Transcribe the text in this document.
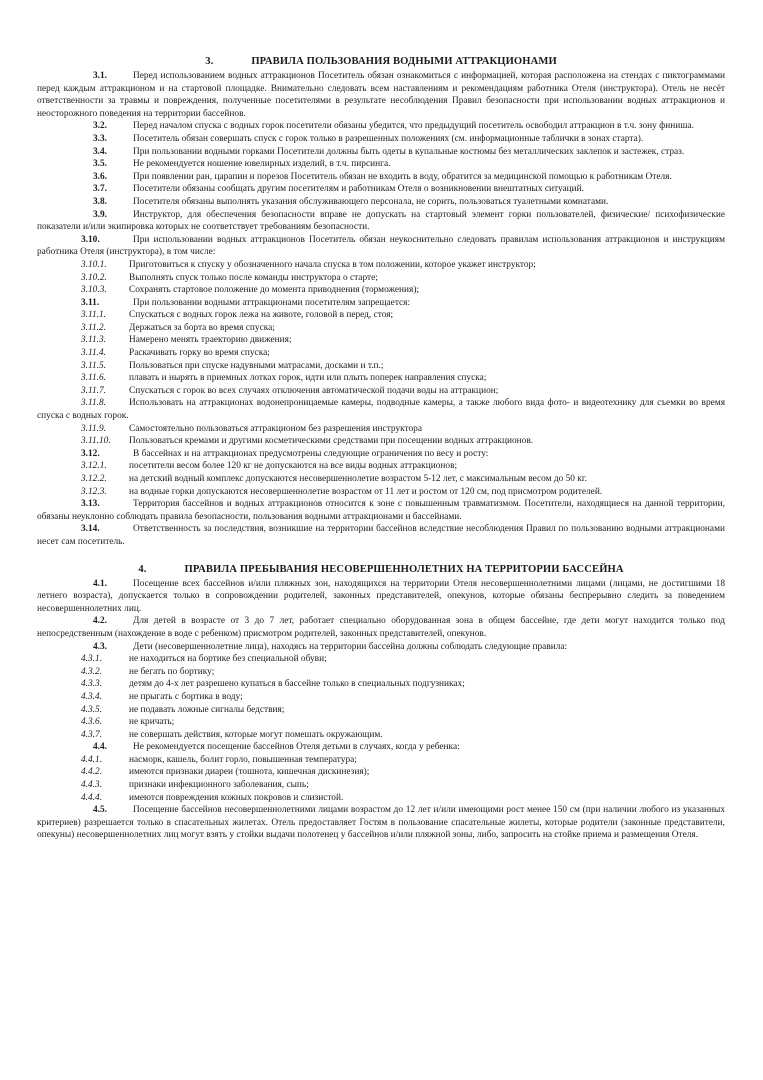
3.	ПРАВИЛА ПОЛЬЗОВАНИЯ ВОДНЫМИ АТТРАКЦИОНАМИ

3.1.	Перед использованием водных аттракционов Посетитель обязан ознакомиться с информацией, которая расположена на стендах с пиктограммами перед каждым аттракционом и на стартовой площадке. Внимательно следовать всем наставлениям и рекомендациям работника Отеля (инструктора). Отель не несёт ответственности за травмы и повреждения, полученные посетителями в результате несоблюдения Правил безопасности при использовании водных аттракционов и неосторожного поведения на территории бассейнов.

3.2.	Перед началом спуска с водных горок посетители обязаны убедится, что предыдущий посетитель освободил аттракцион в т.ч. зону финиша.

3.3.	Посетитель обязан совершать спуск с горок только в разрешенных положениях (см. информационные таблички в зонах старта).

3.4.	При пользовании водными горками Посетители должны быть одеты в купальные костюмы без металлических заклепок и застежек, страз.

3.5.	Не рекомендуется ношение ювелирных изделий, в т.ч. пирсинга.

3.6.	При появлении ран, царапин и порезов Посетитель обязан не входить в воду, обратится за медицинской помощью к работникам Отеля.

3.7.	Посетители обязаны сообщать другим посетителям и работникам Отеля о возникновении внештатных ситуаций.

3.8.	Посетителя обязаны выполнять указания обслуживающего персонала, не сорить, пользоваться туалетными комнатами.

3.9.	Инструктор, для обеспечения безопасности вправе не допускать на стартовый элемент горки пользователей, физические/ психофизические показатели и/или экипировка которых не соответствует требованиям безопасности.

3.10.	При использовании водных аттракционов Посетитель обязан неукоснительно следовать правилам использования аттракционов и инструкциям работника Отеля (инструктора), в том числе:

3.10.1. Приготовиться к спуску у обозначенного начала спуска в том положении, которое укажет инструктор;

3.10.2. Выполнять спуск только после команды инструктора о старте;

3.10.3. Сохранять стартовое положение до момента приводнения (торможения);

3.11.	При пользовании водными аттракционами посетителям запрещается:

3.11.1. Спускаться с водных горок лежа на животе, головой в перед, стоя;

3.11.2. Держаться за борта во время спуска;

3.11.3. Намерено менять траекторию движения;

3.11.4. Раскачивать горку во время спуска;

3.11.5. Пользоваться при спуске надувными матрасами, досками и т.п.;

3.11.6. плавать и нырять в приемных лотках горок, идти или плыть поперек направления спуска;

3.11.7. Спускаться с горок во всех случаях отключения автоматической подачи воды на аттракцион;

3.11.8. Использовать на аттракционах водонепроницаемые камеры, подводные камеры, а также любого вида фото- и видеотехнику для съемки во время спуска с водных горок.

3.11.9. Самостоятельно пользоваться аттракционом без разрешения инструктора

3.11.10. Пользоваться кремами и другими косметическими средствами при посещении водных аттракционов.

3.12.	В бассейнах и на аттракционах предусмотрены следующие ограничения по весу и росту:

3.12.1. посетители весом более 120 кг не допускаются на все виды водных аттракционов;

3.12.2. на детский водный комплекс допускаются несовершеннолетие возрастом 5-12 лет, с максимальным весом до 50 кг.

3.12.3. на водные горки допускаются несовершеннолетие возрастом от 11 лет и ростом от 120 см, под присмотром родителей.

3.13.	Территория бассейнов и водных аттракционов относится к зоне с повышенным травматизмом. Посетители, находящиеся на данной территории, обязаны неуклонно соблюдать правила безопасности, пользования водными аттракционами и бассейнами.

3.14.	Ответственность за последствия, возникшие на территории бассейнов вследствие несоблюдения Правил по пользованию водными аттракционами несет сам посетитель.

4.	ПРАВИЛА ПРЕБЫВАНИЯ НЕСОВЕРШЕННОЛЕТНИХ НА ТЕРРИТОРИИ БАССЕЙНА

4.1.	Посещение всех бассейнов и/или пляжных зон, находящихся на территории Отеля несовершеннолетними лицами (лицами, не достигшими 18 летнего возраста), допускается только в сопровождении родителей, законных представителей, опекунов, которые обязаны беспрерывно следить за поведением несовершеннолетних лиц.

4.2.	Для детей в возрасте от 3 до 7 лет, работает специально оборудованная зона в общем бассейне, где дети могут находится только под непосредственным (нахождение в воде с ребенком) присмотром родителей, законных представителей, опекунов.

4.3.	Дети (несовершеннолетние лица), находясь на территории бассейна должны соблюдать следующие правила:

4.3.1.	не находиться на бортике без специальной обуви;

4.3.2.	не бегать по бортику;

4.3.3.	детям до 4-х лет разрешено купаться в бассейне только в специальных подгузниках;

4.3.4.	не прыгать с бортика в воду;

4.3.5.	не подавать ложные сигналы бедствия;

4.3.6.	не кричать;

4.3.7.	не совершать действия, которые могут помешать окружающим.

4.4.	Не рекомендуется посещение бассейнов Отеля детьми в случаях, когда у ребенка:

4.4.1.	насморк, кашель, болит горло, повышенная температура;

4.4.2.	имеются признаки диареи (тошнота, кишечная дискинезия);

4.4.3.	признаки инфекционного заболевания, сыпь;

4.4.4.	имеются повреждения кожных покровов и слизистой.

4.5.	Посещение бассейнов несовершеннолетними лицами возрастом до 12 лет и/или имеющими рост менее 150 см (при наличии любого из указанных критериев) разрешается только в спасательных жилетах. Отель предоставляет Гостям в пользование спасательные жилеты, которые родители (законные представители, опекуны) несовершеннолетних лиц могут взять у стойки выдачи полотенец у бассейнов и/или пляжной зоны, либо, запросить на стойке приема и размещения Отеля.
